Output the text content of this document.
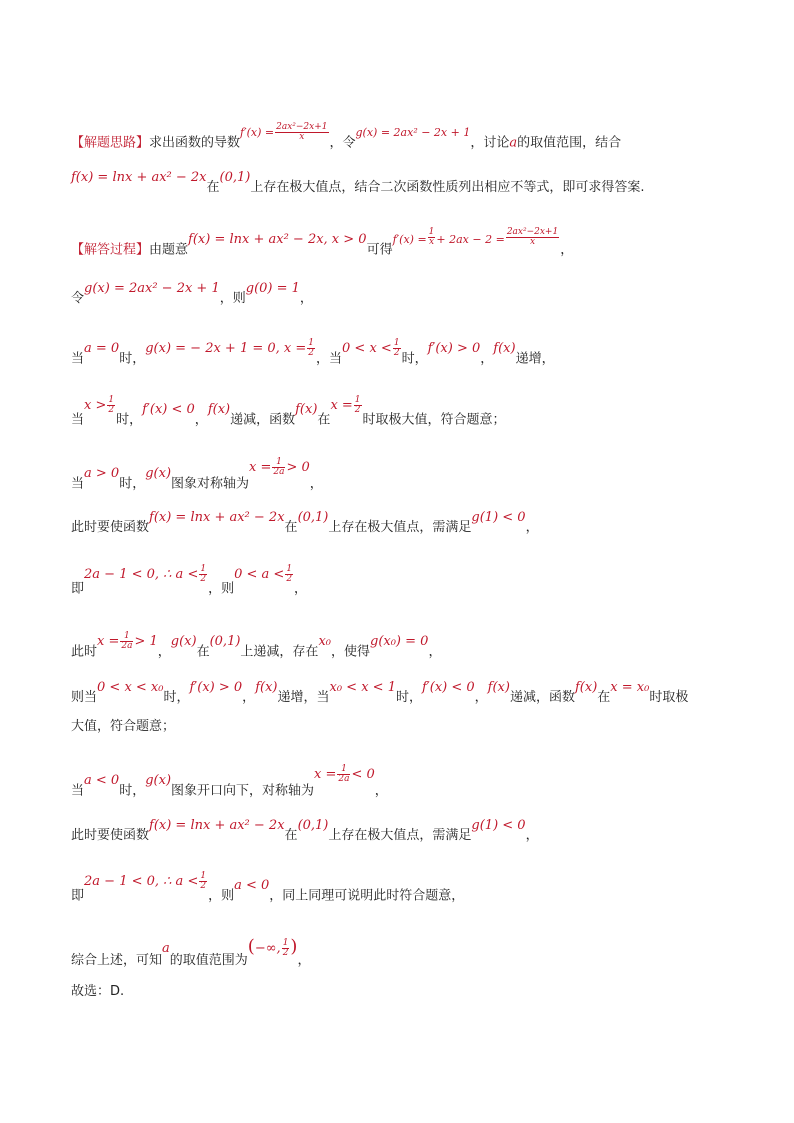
【解题思路】求出函数的导数$^{f'(x) =} \frac{\text{2ax²−2x+1}}{x}$
，令$^{g(x) = 2ax^2 - 2x + 1}$，讨论a的取值范围，结合
f(x) = lnx + ax² − 2x在(0,1)上存在极大值点，结合二次函数性质列出相应不等式，即可求得答案.
【解答过程】由题意f(x) = lnx + ax² − 2x, x > 0可得$^{f'(x) =} \frac{1}{x} ^{+ 2ax - 2 =} \frac{\text{2ax²−2x+1}}{x}$
，
令g(x) = 2ax² − 2x + 1，则g(0) = 1，
当a = 0时，g(x) = − 2x + 1 = 0, $x = \frac{1}{2}$
，当$0 < x < \frac{1}{2}$
时，f′(x) > 0，f(x)递增，
当$x > \frac{1}{2}$
时，f′(x) < 0，f(x)递减，函数f(x)在$x = \frac{1}{2}$
时取极大值，符合题意；
当a > 0时，g(x)图象对称轴为$x = \frac{1}{2a} > 0$，
此时要使函数f(x) = lnx + ax² − 2x在(0,1)上存在极大值点，需满足g(1) < 0，
即2a − 1 < 0, ∴ $a < \frac{1}{2}$
，则$0 < a < \frac{1}{2}$
，
此时$x = \frac{1}{2a} > 1$，g(x)在(0,1)上递减，存在x₀，使得g(x₀) = 0，
则当0 < x < x₀时，f′(x) > 0，f(x)递增，当x₀ < x < 1时，f′(x) < 0，f(x)递减，函数f(x)在x = x₀时取极
大值，符合题意；
当a < 0时，g(x)图象开口向下，对称轴为$x = \frac{1}{2a} < 0$，
此时要使函数f(x) = lnx + ax² − 2x在(0,1)上存在极大值点，需满足g(1) < 0，
即2a − 1 < 0, ∴ $a < \frac{1}{2}$
，则a < 0，同上同理可说明此时符合题意，
综合上述，可知a的取值范围为(−∞, $\frac{1}{2}$ )，
故选：D.
